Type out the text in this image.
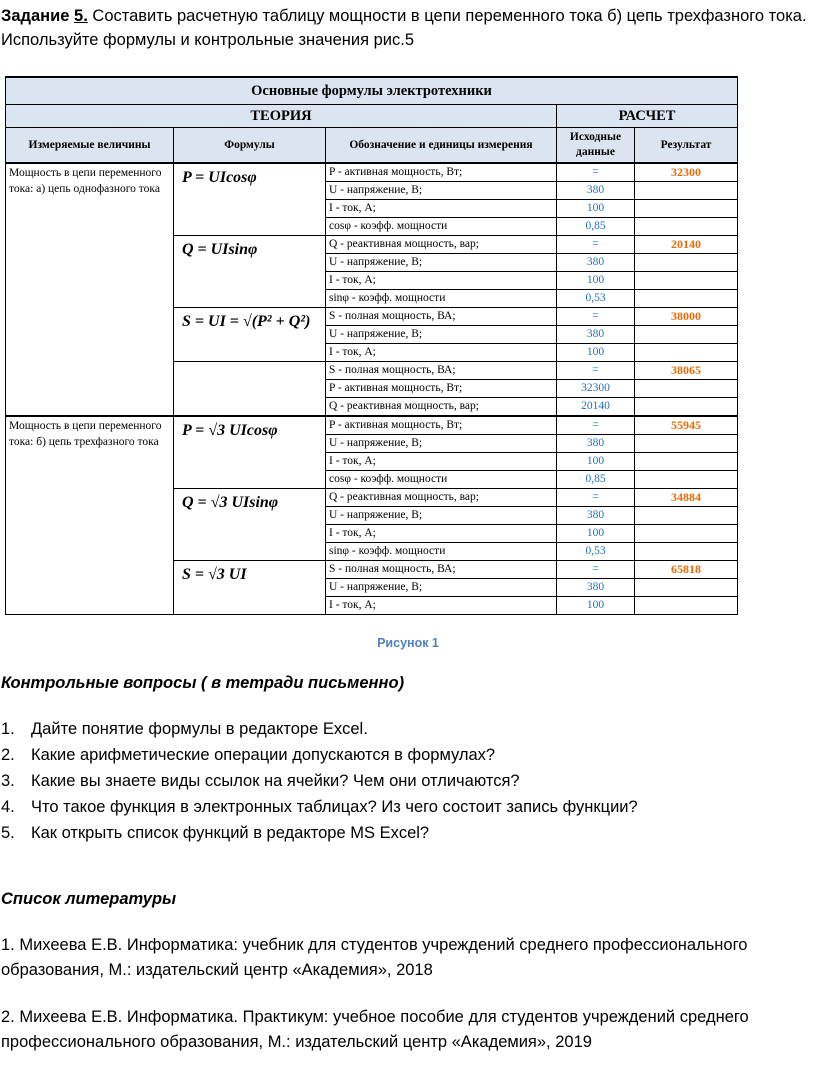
Задание 5. Составить расчетную таблицу мощности в цепи переменного тока б) цепь трехфазного тока. Используйте формулы и контрольные значения рис.5
Основные формулы электротехники				
ТЕОРИЯ			РАСЧЕТ	
Измеряемые величины	Формулы	Обозначение и единицы измерения	Исходные данные	Результат
Мощность в цепи переменного тока: а) цепь однофазного тока	P = UIcosφ	P - активная мощность, Вт;	=	32300
		U - напряжение, В;	380	
		I - ток, А;	100	
		cosφ - коэфф. мощности	0,85	

	Q = UIsinφ	Q - реактивная мощность, вар;	=	20140
		U - напряжение, В;	380	
		I - ток, А;	100	
		sinφ - коэфф. мощности	0,53	

	S = UI = √(P² + Q²)	S - полная мощность, ВА;	=	38000
		U - напряжение, В;	380	
		I - ток, А;	100	

		S - полная мощность, ВА;	=	38065
		P - активная мощность, Вт;	32300	
		Q - реактивная мощность, вар;	20140	
Мощность в цепи переменного тока: б) цепь трехфазного тока	P = √3 UIcosφ	P - активная мощность, Вт;	=	55945
		U - напряжение, В;	380	
		I - ток, А;	100	
		cosφ - коэфф. мощности	0,85	

	Q = √3 UIsinφ	Q - реактивная мощность, вар;	=	34884
		U - напряжение, В;	380	
		I - ток, А;	100	
		sinφ - коэфф. мощности	0,53	

	S = √3 UI	S - полная мощность, ВА;	=	65818
		U - напряжение, В;	380	
		I - ток, А;	100	
Рисунок 1
Контрольные вопросы ( в тетради письменно)
1. Дайте понятие формулы в редакторе Excel.
2. Какие арифметические операции допускаются в формулах?
3. Какие вы знаете виды ссылок на ячейки? Чем они отличаются?
4. Что такое функция в электронных таблицах? Из чего состоит запись функции?
5. Как открыть список функций в редакторе MS Excel?
Список литературы
1. Михеева Е.В. Информатика: учебник для студентов учреждений среднего профессионального образования, М.: издательский центр «Академия», 2018
2. Михеева Е.В. Информатика. Практикум: учебное пособие для студентов учреждений среднего профессионального образования, М.: издательский центр «Академия», 2019
